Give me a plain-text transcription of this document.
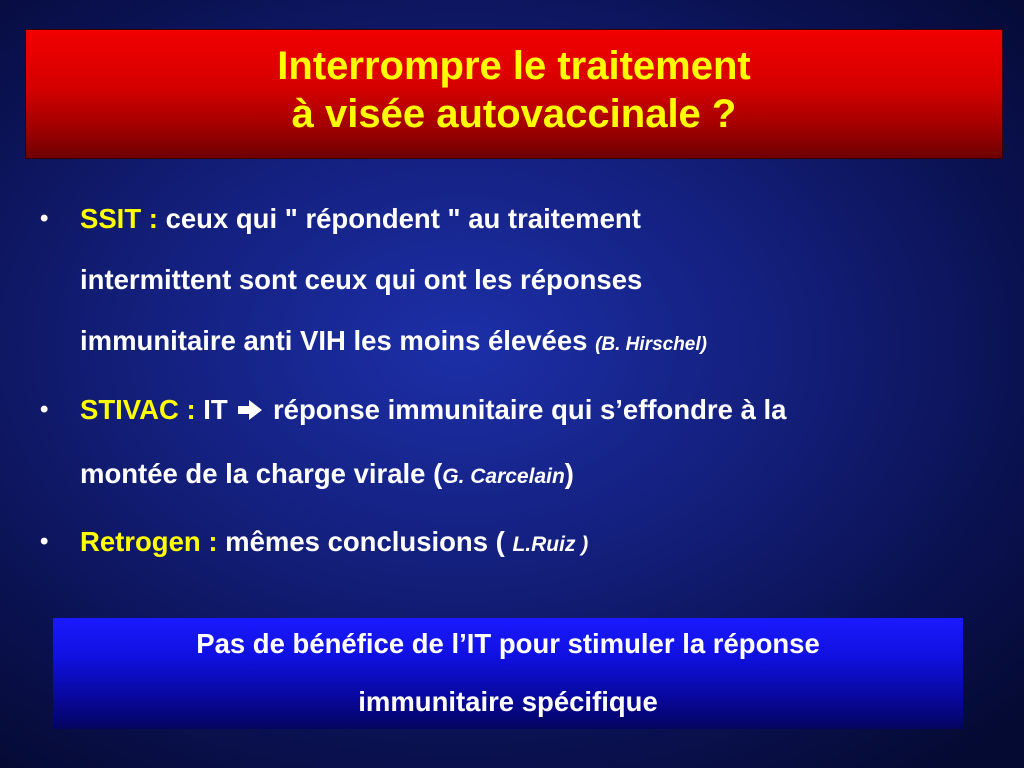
Interrompre le traitement
à visée autovaccinale ?
• SSIT : ceux qui " répondent " au traitement
intermittent sont ceux qui ont les réponses
immunitaire anti VIH les moins élevées (B. Hirschel)
• STIVAC : IT réponse immunitaire qui s’effondre à la
montée de la charge virale (G. Carcelain)
• Retrogen : mêmes conclusions ( L.Ruiz )
Pas de bénéfice de l’IT pour stimuler la réponse
immunitaire spécifique
